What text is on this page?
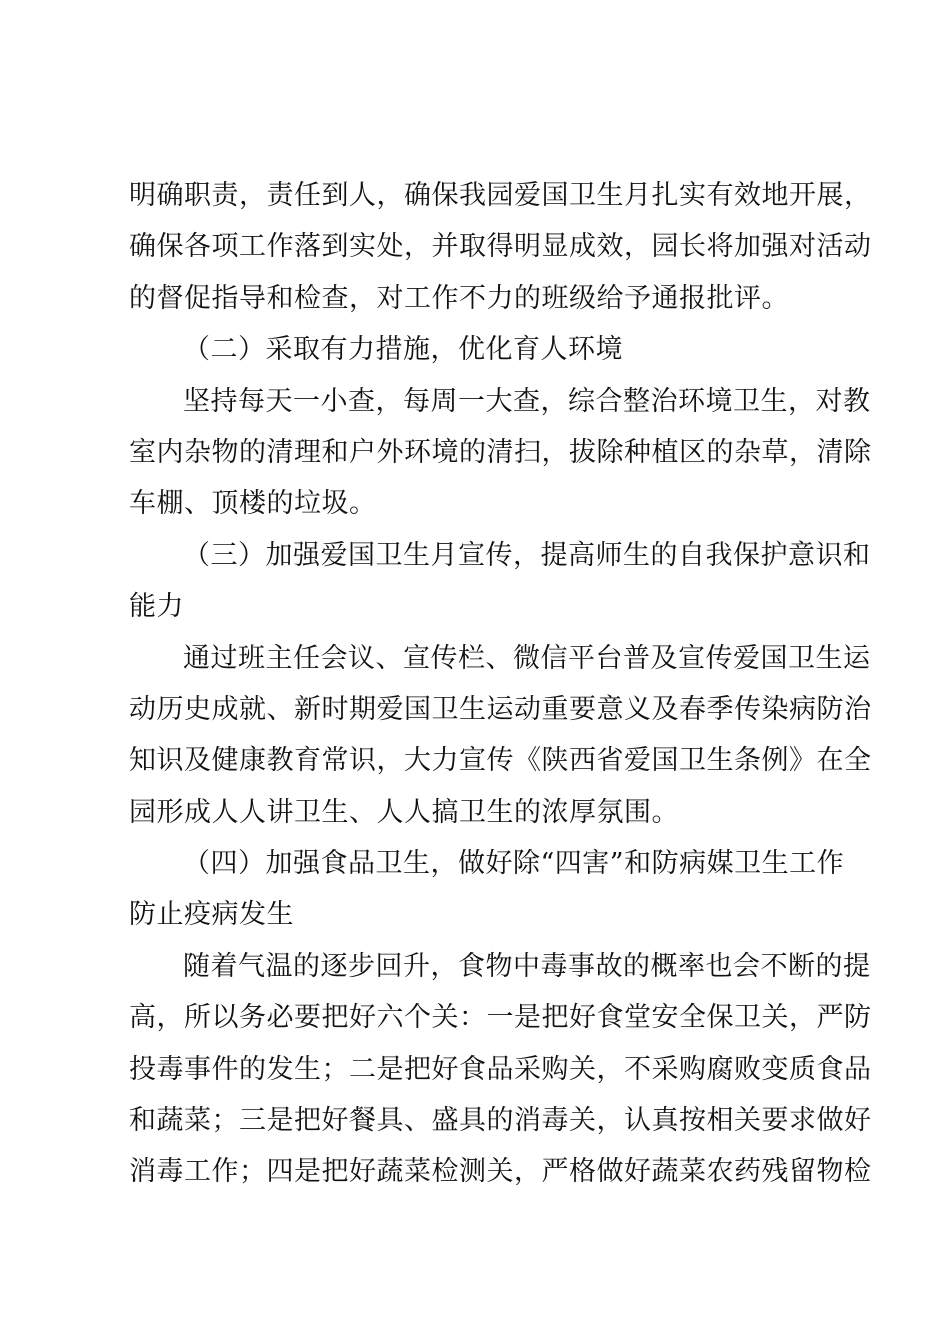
明确职责，责任到人，确保我园爱国卫生月扎实有效地开展，
确保各项工作落到实处，并取得明显成效，园长将加强对活动
的督促指导和检查，对工作不力的班级给予通报批评。
（二）采取有力措施，优化育人环境
坚持每天一小查，每周一大查，综合整治环境卫生，对教
室内杂物的清理和户外环境的清扫，拔除种植区的杂草，清除
车棚、顶楼的垃圾。
（三）加强爱国卫生月宣传，提高师生的自我保护意识和
能力
通过班主任会议、宣传栏、微信平台普及宣传爱国卫生运
动历史成就、新时期爱国卫生运动重要意义及春季传染病防治
知识及健康教育常识，大力宣传《陕西省爱国卫生条例》在全
园形成人人讲卫生、人人搞卫生的浓厚氛围。
（四）加强食品卫生，做好除“四害”和防病媒卫生工作
防止疫病发生
随着气温的逐步回升，食物中毒事故的概率也会不断的提
高，所以务必要把好六个关：一是把好食堂安全保卫关，严防
投毒事件的发生；二是把好食品采购关，不采购腐败变质食品
和蔬菜；三是把好餐具、盛具的消毒关，认真按相关要求做好
消毒工作；四是把好蔬菜检测关，严格做好蔬菜农药残留物检
